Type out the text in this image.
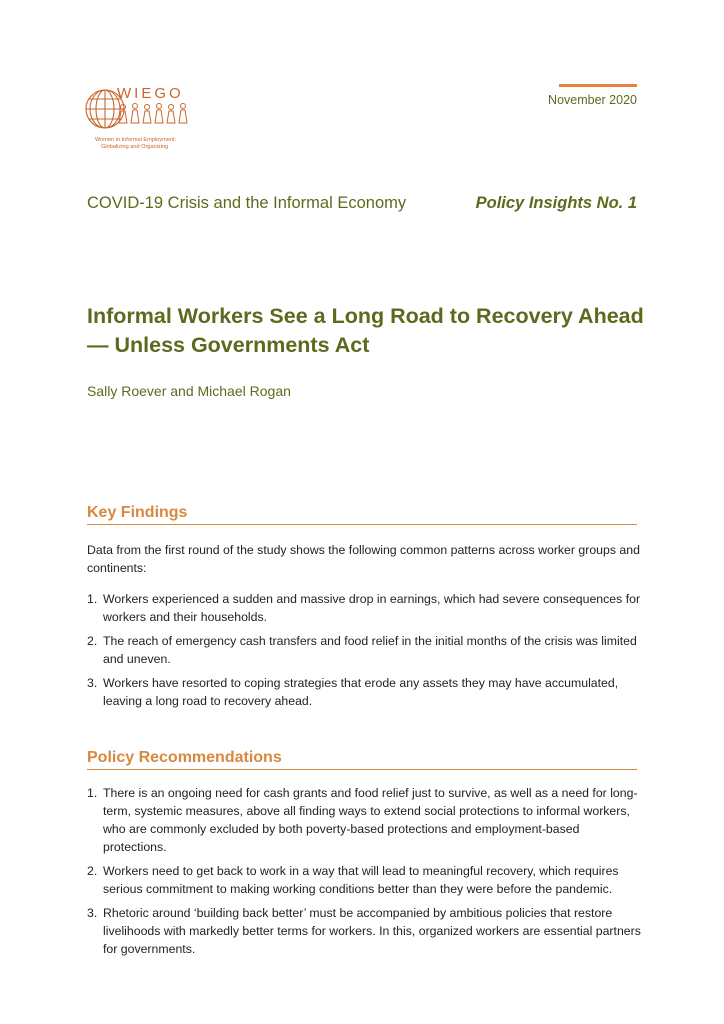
WIEGO
Women in Informal Employment:
Globalizing and Organizing
November 2020
COVID-19 Crisis and the Informal Economy	Policy Insights No. 1
Informal Workers See a Long Road to Recovery Ahead — Unless Governments Act
Sally Roever and Michael Rogan
Key Findings

Data from the first round of the study shows the following common patterns across worker groups and continents:

1. Workers experienced a sudden and massive drop in earnings, which had severe consequences for workers and their households.
2. The reach of emergency cash transfers and food relief in the initial months of the crisis was limited and uneven.
3. Workers have resorted to coping strategies that erode any assets they may have accumulated, leaving a long road to recovery ahead.
Policy Recommendations
1. There is an ongoing need for cash grants and food relief just to survive, as well as a need for long-term, systemic measures, above all finding ways to extend social protections to informal workers, who are commonly excluded by both poverty-based protections and employment-based protections.
2. Workers need to get back to work in a way that will lead to meaningful recovery, which requires serious commitment to making working conditions better than they were before the pandemic.
3. Rhetoric around ‘building back better’ must be accompanied by ambitious policies that restore livelihoods with markedly better terms for workers. In this, organized workers are essential partners for governments.
